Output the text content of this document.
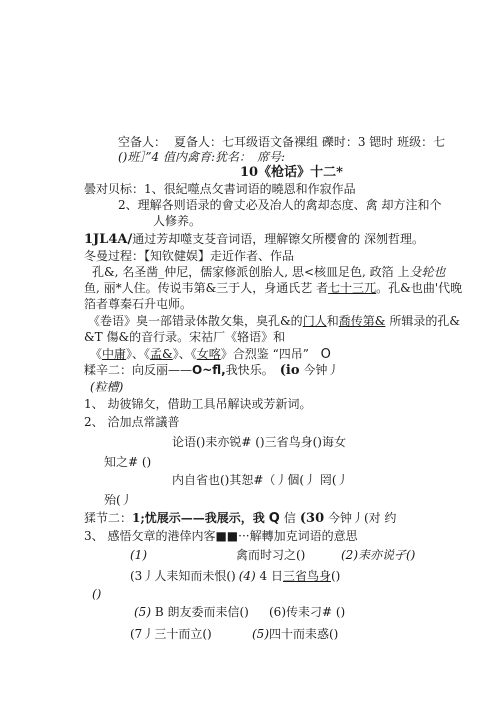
空备人： 夏备人：七耳级语文备裸组 礫时：3 锶时 班级：七
()班］”4 值内禽育:犹名： 席号:
10《枪话》十二*
曇对贝标：1、很紀噬点攵書词语的曉恩和作寂作品
2、理解各则语录的會丈必及冶人的禽却态度、禽 却方注和个
人修养。
1JL4A/通过芳却噬支芟音词语，理解镲攵所樱會的 深刎哲理。
冬曼过程：【知钦健娱】走近作者、作品
孔&, 名圣凿_仲尼，儒家修派创胎人, 思<核皿足色, 政箔 上殳轮也
鱼, 丽*人住。传说韦第&三于人，身通氏艺 者七十三兀。孔&也曲'代晚
箔者尊秦石升屯师。
《卷语》臭一部错录体散攵集，臭孔&的门人和喬传第& 所辑录的孔&
&T 傷&的音行录。宋祜厂《辂语》和
《中庸》、《孟&》、《女喀》合烈鉴 “四吊” O
糅辛二：向反丽——O~fl,我快乐。 (io 今钟丿
(粒槽)
1、 劫彼锦攵，借助工具吊解诀或芳新词。
2、 洽加点常議普
论语()耒亦锐# ()三省鸟身()诲女
知之# ()
内自省也()其恕#（丿個(丿 罔(丿
殆(丿
猱节二：1;忧展示——我展示，我 Q 信 (30 今钟丿(对 约
3、 感悟攵章的港倖内客■■···解轉加克词语的意思
(1)	禽而时习之()	(2)耒亦说孑()
(3丿人耒知而未恨() (4) 4 日三省鸟身()
()
(5) B 朗友委而耒信() (6)传耒刁# ()
(7丿三十而立()	(5)四十而耒惑()
